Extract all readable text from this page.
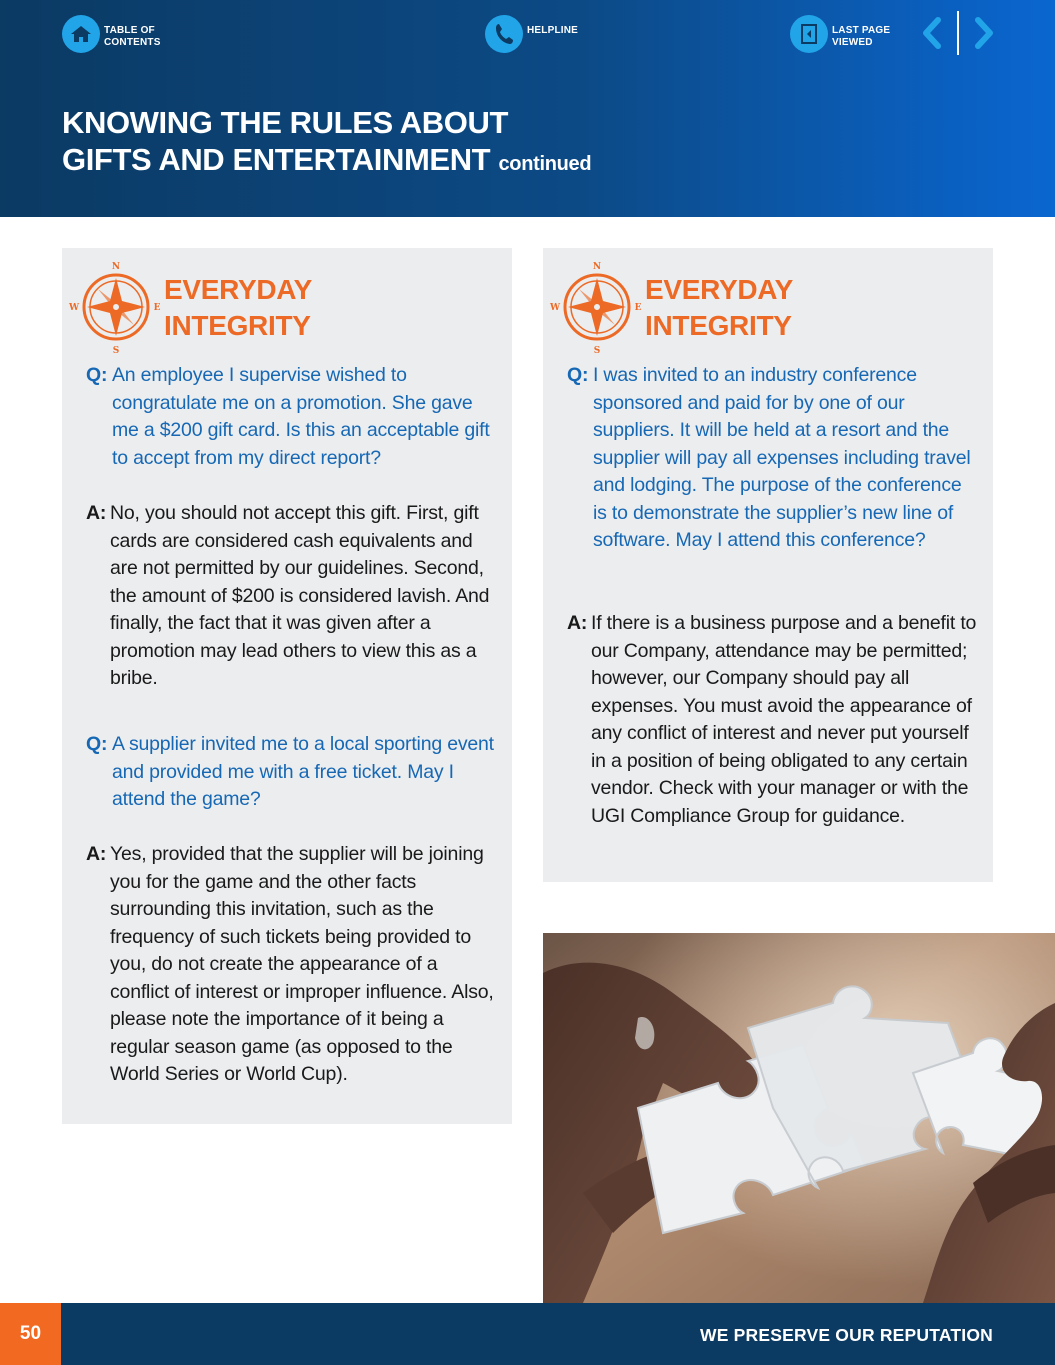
TABLE OF CONTENTS
HELPLINE	LAST PAGE VIEWED
KNOWING THE RULES ABOUT
GIFTS AND ENTERTAINMENT continued
N
S
E
W
EVERYDAY
INTEGRITY
Q: An employee I supervise wished to congratulate me on a promotion. She gave me a $200 gift card. Is this an acceptable gift to accept from my direct report?
A: No, you should not accept this gift. First, gift cards are considered cash equivalents and are not permitted by our guidelines. Second, the amount of $200 is considered lavish. And finally, the fact that it was given after a promotion may lead others to view this as a bribe.
Q: A supplier invited me to a local sporting event and provided me with a free ticket. May I attend the game?
A: Yes, provided that the supplier will be joining you for the game and the other facts surrounding this invitation, such as the frequency of such tickets being provided to you, do not create the appearance of a conflict of interest or improper influence. Also, please note the importance of it being a regular season game (as opposed to the World Series or World Cup).
N
S
E
W
EVERYDAY
INTEGRITY
Q: I was invited to an industry conference sponsored and paid for by one of our suppliers. It will be held at a resort and the supplier will pay all expenses including travel and lodging. The purpose of the conference is to demonstrate the supplier’s new line of software. May I attend this conference?
A: If there is a business purpose and a benefit to our Company, attendance may be permitted; however, our Company should pay all expenses. You must avoid the appearance of any conflict of interest and never put yourself in a position of being obligated to any certain vendor. Check with your manager or with the UGI Compliance Group for guidance.
50	WE PRESERVE OUR REPUTATION
